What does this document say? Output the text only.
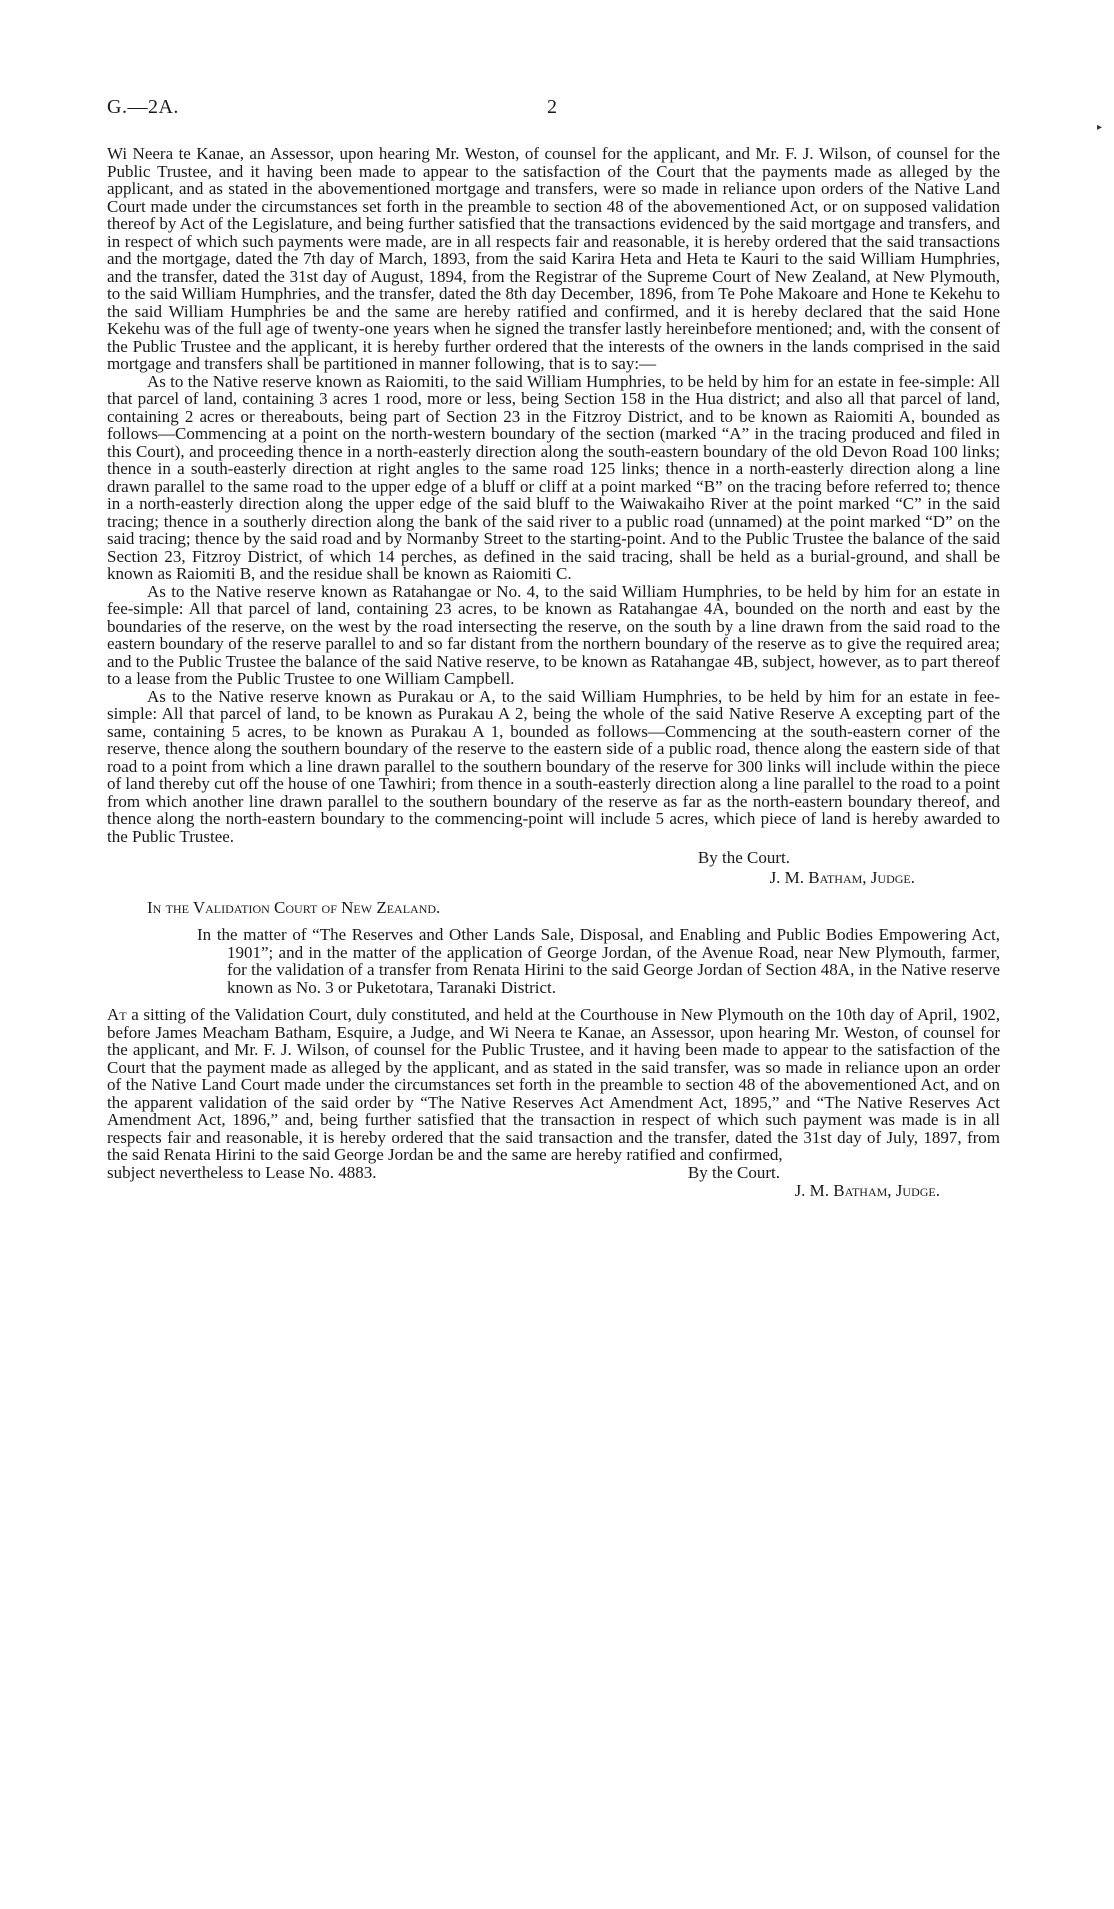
G.—2A.	2
▸

Wi Neera te Kanae, an Assessor, upon hearing Mr. Weston, of counsel for the applicant, and Mr. F. J. Wilson, of counsel for the Public Trustee, and it having been made to appear to the satisfaction of the Court that the payments made as alleged by the applicant, and as stated in the abovementioned mortgage and transfers, were so made in reliance upon orders of the Native Land Court made under the circumstances set forth in the preamble to section 48 of the abovementioned Act, or on supposed validation thereof by Act of the Legislature, and being further satisfied that the transactions evidenced by the said mortgage and transfers, and in respect of which such payments were made, are in all respects fair and reasonable, it is hereby ordered that the said transactions and the mortgage, dated the 7th day of March, 1893, from the said Karira Heta and Heta te Kauri to the said William Humphries, and the transfer, dated the 31st day of August, 1894, from the Registrar of the Supreme Court of New Zealand, at New Plymouth, to the said William Humphries, and the transfer, dated the 8th day December, 1896, from Te Pohe Makoare and Hone te Kekehu to the said William Humphries be and the same are hereby ratified and confirmed, and it is hereby declared that the said Hone Kekehu was of the full age of twenty-one years when he signed the transfer lastly hereinbefore mentioned; and, with the consent of the Public Trustee and the applicant, it is hereby further ordered that the interests of the owners in the lands comprised in the said mortgage and transfers shall be partitioned in manner following, that is to say:—

As to the Native reserve known as Raiomiti, to the said William Humphries, to be held by him for an estate in fee-simple: All that parcel of land, containing 3 acres 1 rood, more or less, being Section 158 in the Hua district; and also all that parcel of land, containing 2 acres or thereabouts, being part of Section 23 in the Fitzroy District, and to be known as Raiomiti A, bounded as follows—Commencing at a point on the north-western boundary of the section (marked “A” in the tracing produced and filed in this Court), and proceeding thence in a north-easterly direction along the south-eastern boundary of the old Devon Road 100 links; thence in a south-easterly direction at right angles to the same road 125 links; thence in a north-easterly direction along a line drawn parallel to the same road to the upper edge of a bluff or cliff at a point marked “B” on the tracing before referred to; thence in a north-easterly direction along the upper edge of the said bluff to the Waiwakaiho River at the point marked “C” in the said tracing; thence in a southerly direction along the bank of the said river to a public road (unnamed) at the point marked “D” on the said tracing; thence by the said road and by Normanby Street to the starting-point. And to the Public Trustee the balance of the said Section 23, Fitzroy District, of which 14 perches, as defined in the said tracing, shall be held as a burial-ground, and shall be known as Raiomiti B, and the residue shall be known as Raiomiti C.

As to the Native reserve known as Ratahangae or No. 4, to the said William Humphries, to be held by him for an estate in fee-simple: All that parcel of land, containing 23 acres, to be known as Ratahangae 4A, bounded on the north and east by the boundaries of the reserve, on the west by the road intersecting the reserve, on the south by a line drawn from the said road to the eastern boundary of the reserve parallel to and so far distant from the northern boundary of the reserve as to give the required area; and to the Public Trustee the balance of the said Native reserve, to be known as Ratahangae 4B, subject, however, as to part thereof to a lease from the Public Trustee to one William Campbell.

As to the Native reserve known as Purakau or A, to the said William Humphries, to be held by him for an estate in fee-simple: All that parcel of land, to be known as Purakau A 2, being the whole of the said Native Reserve A excepting part of the same, containing 5 acres, to be known as Purakau A 1, bounded as follows—Commencing at the south-eastern corner of the reserve, thence along the southern boundary of the reserve to the eastern side of a public road, thence along the eastern side of that road to a point from which a line drawn parallel to the southern boundary of the reserve for 300 links will include within the piece of land thereby cut off the house of one Tawhiri; from thence in a south-easterly direction along a line parallel to the road to a point from which another line drawn parallel to the southern boundary of the reserve as far as the north-eastern boundary thereof, and thence along the north-eastern boundary to the commencing-point will include 5 acres, which piece of land is hereby awarded to the Public Trustee.

By the Court.

J. M. Batham, Judge.

In the Validation Court of New Zealand.

In the matter of “The Reserves and Other Lands Sale, Disposal, and Enabling and Public Bodies Empowering Act, 1901”; and in the matter of the application of George Jordan, of the Avenue Road, near New Plymouth, farmer, for the validation of a transfer from Renata Hirini to the said George Jordan of Section 48A, in the Native reserve known as No. 3 or Puketotara, Taranaki District.

At a sitting of the Validation Court, duly constituted, and held at the Courthouse in New Plymouth on the 10th day of April, 1902, before James Meacham Batham, Esquire, a Judge, and Wi Neera te Kanae, an Assessor, upon hearing Mr. Weston, of counsel for the applicant, and Mr. F. J. Wilson, of counsel for the Public Trustee, and it having been made to appear to the satisfaction of the Court that the payment made as alleged by the applicant, and as stated in the said transfer, was so made in reliance upon an order of the Native Land Court made under the circumstances set forth in the preamble to section 48 of the abovementioned Act, and on the apparent validation of the said order by “The Native Reserves Act Amendment Act, 1895,” and “The Native Reserves Act Amendment Act, 1896,” and, being further satisfied that the transaction in respect of which such payment was made is in all respects fair and reasonable, it is hereby ordered that the said transaction and the transfer, dated the 31st day of July, 1897, from the said Renata Hirini to the said George Jordan be and the same are hereby ratified and confirmed,

subject nevertheless to Lease No. 4883.	By the Court.

J. M. Batham, Judge.
